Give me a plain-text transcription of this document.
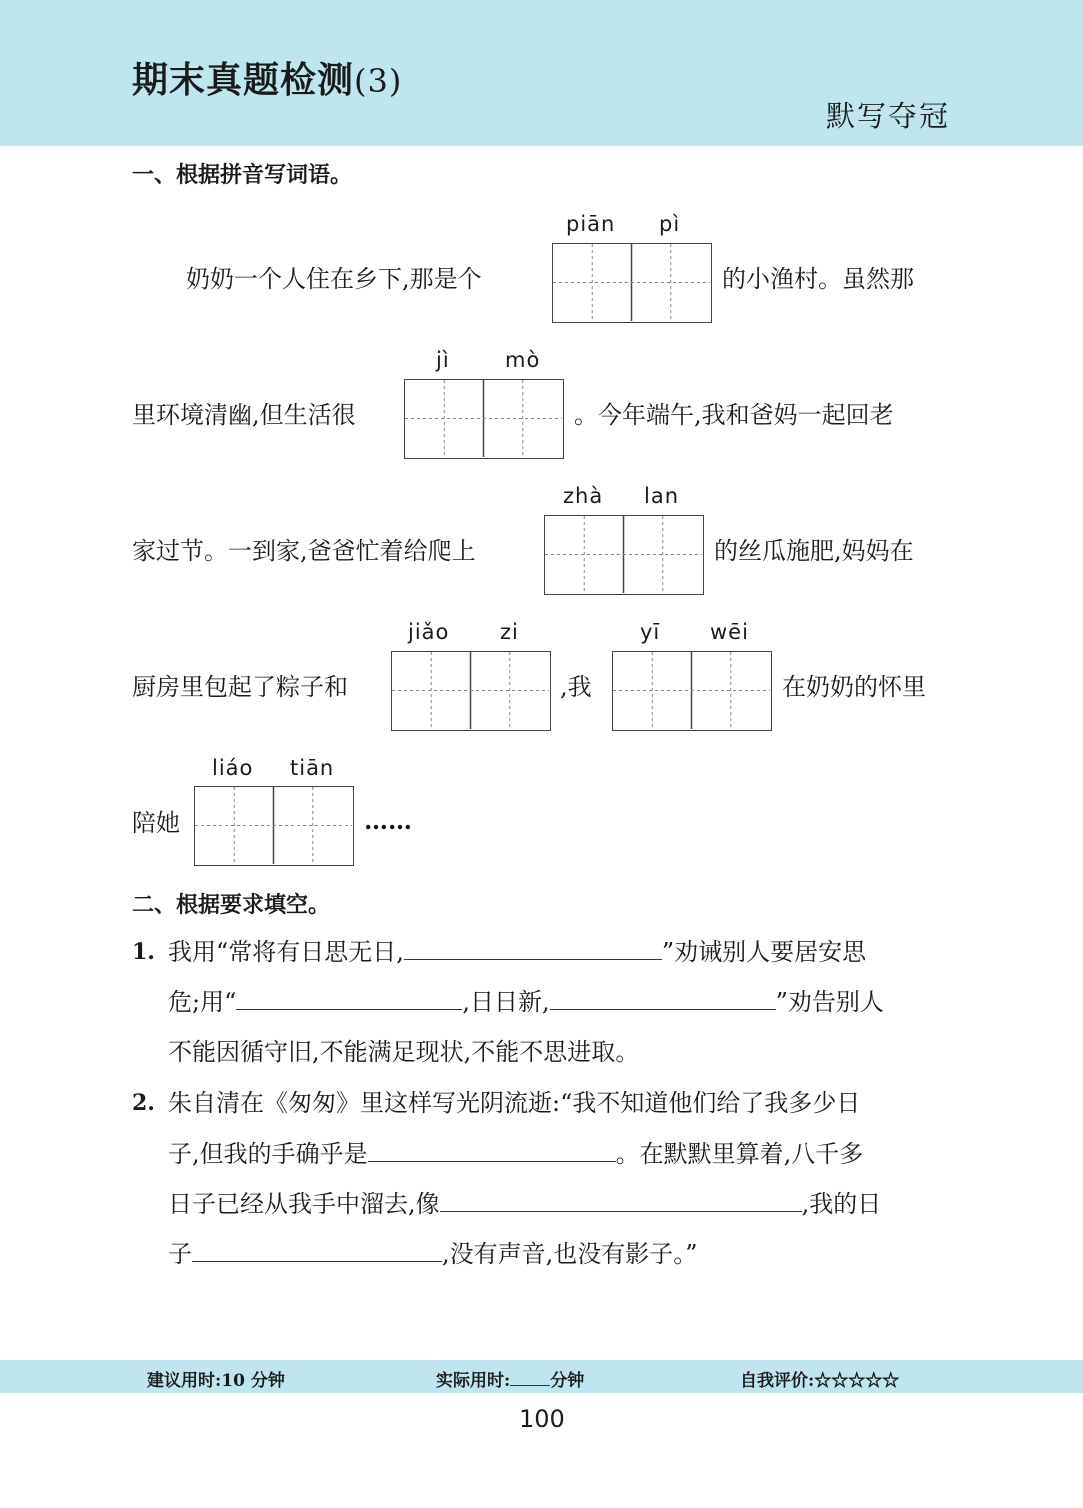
期末真题检测(3)
默写夺冠
一、根据拼音写词语。
piān pì
奶奶一个人住在乡下,那是个	的小渔村。虽然那
jì	mò
里环境清幽,但生活很	。今年端午,我和爸妈一起回老
zhà lan
家过节。一到家,爸爸忙着给爬上	的丝瓜施肥,妈妈在
jiǎo zi	yī wēi
厨房里包起了粽子和	,我	在奶奶的怀里
liáo tiān
陪她	……
二、根据要求填空。
1. 我用“常将有日思无日,	”劝诫别人要居安思
危;用“	,日日新,	”劝告别人
不能因循守旧,不能满足现状,不能不思进取。
2. 朱自清在《匆匆》里这样写光阴流逝:“我不知道他们给了我多少日
子,但我的手确乎是	。在默默里算着,八千多
日子已经从我手中溜去,像	,我的日
子	,没有声音,也没有影子。”
建议用时:10 分钟	实际用时: 分钟	自我评价:☆☆☆☆☆
100
